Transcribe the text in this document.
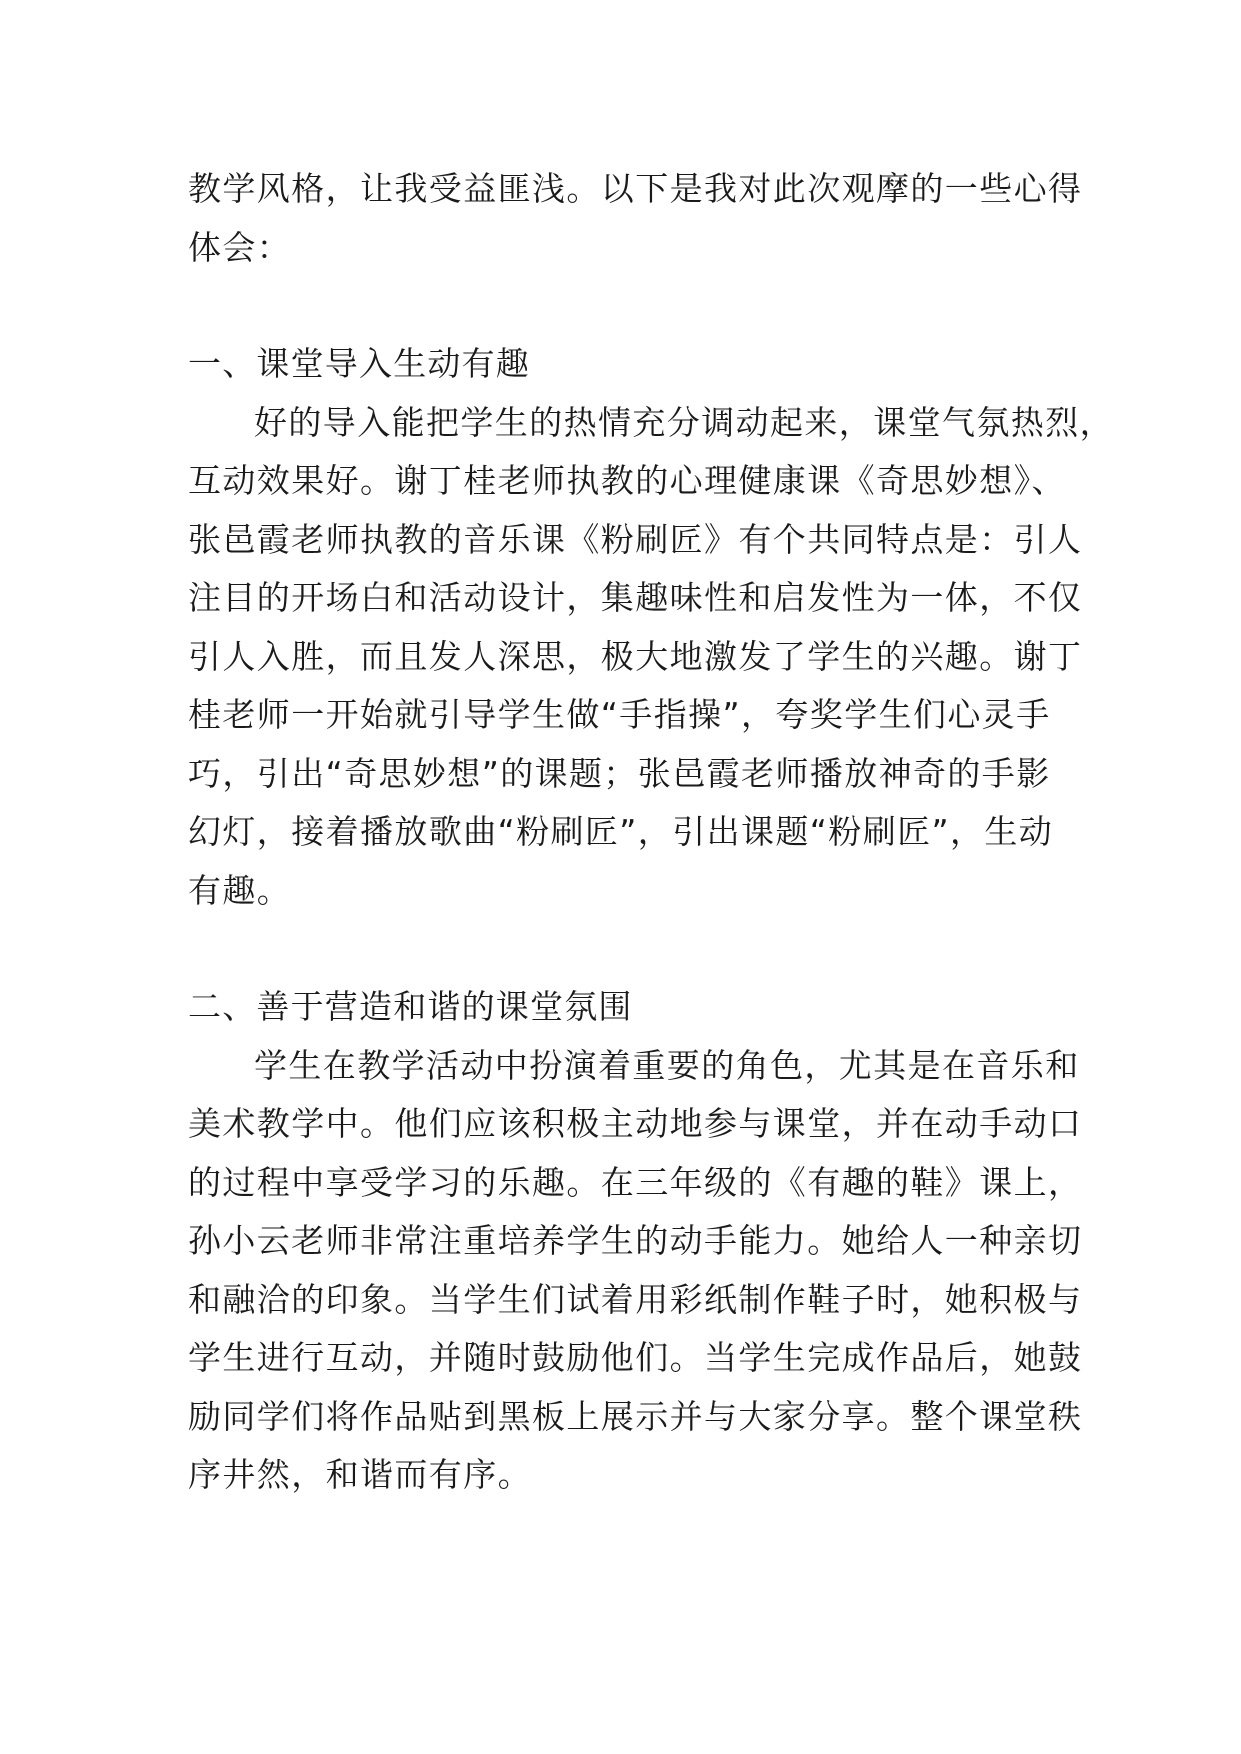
教学风格，让我受益匪浅。以下是我对此次观摩的一些心得
体会：
一、课堂导入生动有趣
好的导入能把学生的热情充分调动起来，课堂气氛热烈，
互动效果好。谢丁桂老师执教的心理健康课《奇思妙想》、
张邑霞老师执教的音乐课《粉刷匠》有个共同特点是：引人
注目的开场白和活动设计，集趣味性和启发性为一体，不仅
引人入胜，而且发人深思，极大地激发了学生的兴趣。谢丁
桂老师一开始就引导学生做“手指操”，夸奖学生们心灵手
巧，引出“奇思妙想”的课题；张邑霞老师播放神奇的手影
幻灯，接着播放歌曲“粉刷匠”，引出课题“粉刷匠”，生动
有趣。
二、善于营造和谐的课堂氛围
学生在教学活动中扮演着重要的角色，尤其是在音乐和
美术教学中。他们应该积极主动地参与课堂，并在动手动口
的过程中享受学习的乐趣。在三年级的《有趣的鞋》课上，
孙小云老师非常注重培养学生的动手能力。她给人一种亲切
和融洽的印象。当学生们试着用彩纸制作鞋子时，她积极与
学生进行互动，并随时鼓励他们。当学生完成作品后，她鼓
励同学们将作品贴到黑板上展示并与大家分享。整个课堂秩
序井然，和谐而有序。
